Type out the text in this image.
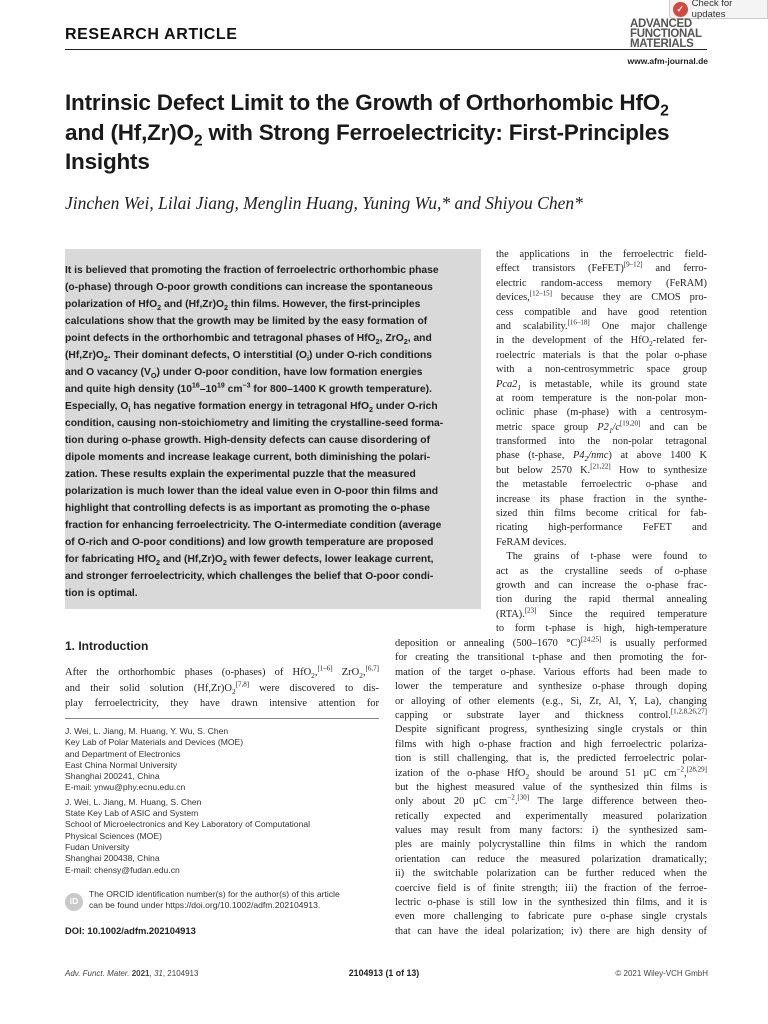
RESEARCH ARTICLE
✓ Check for updates
ADVANCED
FUNCTIONAL
MATERIALS
www.afm-journal.de
Intrinsic Defect Limit to the Growth of Orthorhombic HfO$_2$
and $(Hf,Zr)O_2$ with Strong Ferroelectricity: First-Principles
Insights
Jinchen Wei, Lilai Jiang, Menglin Huang, Yuning Wu,* and Shiyou Chen*
It is believed that promoting the fraction of ferroelectric orthorhombic phase
(o-phase) through O-poor growth conditions can increase the spontaneous
polarization of HfO$_2$ and $(Hf,Zr)O_2$ thin films. However, the first-principles
calculations show that the growth may be limited by the easy formation of
point defects in the orthorhombic and tetragonal phases of HfO$_2$, ZrO$_2$, and
$(Hf,Zr)O_2$. Their dominant defects, O interstitial $(O_i)$ under O-rich conditions
and O vacancy $(V_O)$ under O-poor condition, have low formation energies
and quite high density ($10^{16}-10^{19}$ $cm^{-3}$ for 800–1400 K growth temperature).
Especially, $O_i$ has negative formation energy in tetragonal HfO$_2$ under O-rich
condition, causing non-stoichiometry and limiting the crystalline-seed forma-
tion during o-phase growth. High-density defects can cause disordering of
dipole moments and increase leakage current, both diminishing the polari-
zation. These results explain the experimental puzzle that the measured
polarization is much lower than the ideal value even in O-poor thin films and
highlight that controlling defects is as important as promoting the o-phase
fraction for enhancing ferroelectricity. The O-intermediate condition (average
of O-rich and O-poor conditions) and low growth temperature are proposed
for fabricating HfO$_2$ and $(Hf,Zr)O_2$ with fewer defects, lower leakage current,
and stronger ferroelectricity, which challenges the belief that O-poor condi-
tion is optimal.
the applications in the ferroelectric field-
effect transistors (FeFET)[9–12] and ferro-
electric random-access memory (FeRAM)
devices,[12–15] because they are CMOS pro-
cess compatible and have good retention
and scalability.[16–18] One major challenge
in the development of the HfO$_2$-related fer-
roelectric materials is that the polar o-phase
with a non-centrosymmetric space group
$Pca2_1$ is metastable, while its ground state
at room temperature is the non-polar mon-
oclinic phase (m-phase) with a centrosym-
metric space group $P2_1/c[19,20]$ and can be
transformed into the non-polar tetragonal
phase (t-phase, $P4_2/nmc$) at above 1400 K
but below 2570 K.[21,22] How to synthesize
the metastable ferroelectric o-phase and
increase its phase fraction in the synthe-
sized thin films become critical for fab-
ricating high-performance FeFET and
FeRAM devices.
 The grains of t-phase were found to
act as the crystalline seeds of o-phase
growth and can increase the o-phase frac-
tion during the rapid thermal annealing
(RTA).[23] Since the required temperature
to form t-phase is high, high-temperature
1. Introduction
After the orthorhombic phases (o-phases) of HfO$_2$,[1–6] ZrO$_2$,[6,7]
and their solid solution $(Hf,Zr)O_2[7,8]$ were discovered to dis-
play ferroelectricity, they have drawn intensive attention for
J. Wei, L. Jiang, M. Huang, Y. Wu, S. Chen
Key Lab of Polar Materials and Devices (MOE)
and Department of Electronics
East China Normal University
Shanghai 200241, China
E-mail: ynwu@phy.ecnu.edu.cn
J. Wei, L. Jiang, M. Huang, S. Chen
State Key Lab of ASIC and System
School of Microelectronics and Key Laboratory of Computational
Physical Sciences (MOE)
Fudan University
Shanghai 200438, China
E-mail: chensy@fudan.edu.cn
iD
The ORCID identification number(s) for the author(s) of this article
can be found under https://doi.org/10.1002/adfm.202104913.
DOI: 10.1002/adfm.202104913
deposition or annealing (500–1670 °C)[24,25] is usually performed
for creating the transitional t-phase and then promoting the for-
mation of the target o-phase. Various efforts had been made to
lower the temperature and synthesize o-phase through doping
or alloying of other elements (e.g., Si, Zr, Al, Y, La), changing
capping or substrate layer and thickness control.[1,2,8,26,27]
Despite significant progress, synthesizing single crystals or thin
films with high o-phase fraction and high ferroelectric polariza-
tion is still challenging, that is, the predicted ferroelectric polar-
ization of the o-phase HfO$_2$ should be around 51 µC $cm^{-2},[28,29]$
but the highest measured value of the synthesized thin films is
only about 20 µC $cm^{-2}.[30]$ The large difference between theo-
retically expected and experimentally measured polarization
values may result from many factors: i) the synthesized sam-
ples are mainly polycrystalline thin films in which the random
orientation can reduce the measured polarization dramatically;
ii) the switchable polarization can be further reduced when the
coercive field is of finite strength; iii) the fraction of the ferroe-
lectric o-phase is still low in the synthesized thin films, and it is
even more challenging to fabricate pure o-phase single crystals
that can have the ideal polarization; iv) there are high density of
Adv. Funct. Mater. 2021, 31, 2104913	2104913 (1 of 13)	© 2021 Wiley-VCH GmbH
